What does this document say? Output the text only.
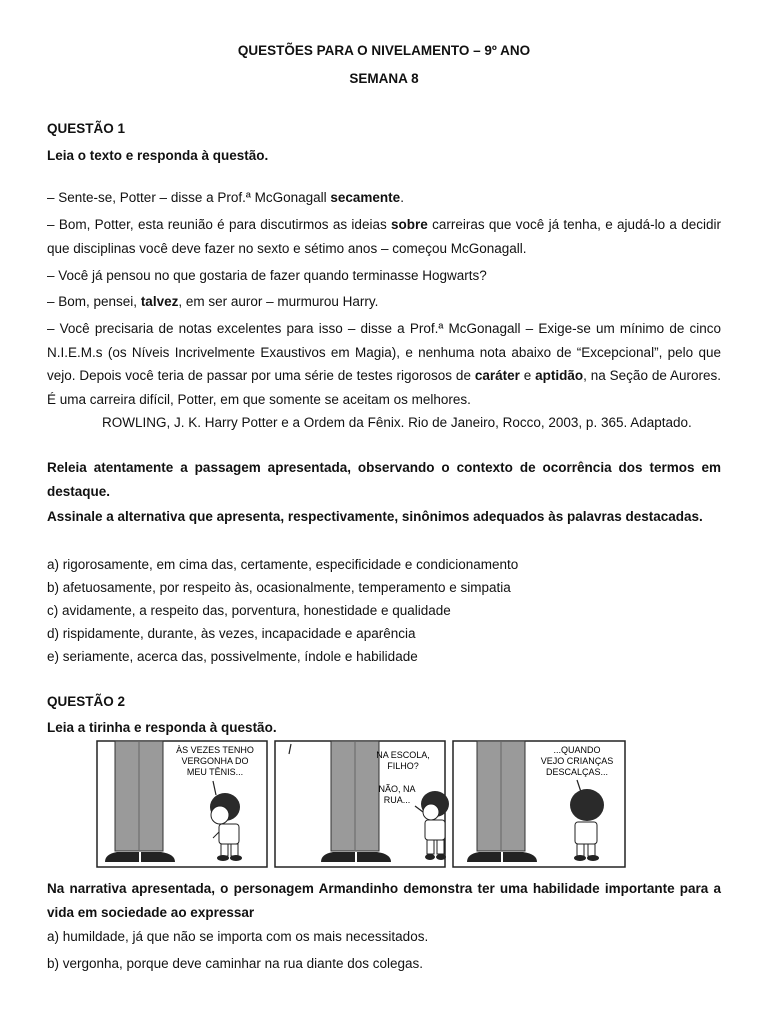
QUESTÕES PARA O NIVELAMENTO – 9º ANO
SEMANA 8
QUESTÃO 1
Leia o texto e responda à questão.
– Sente-se, Potter – disse a Prof.ª McGonagall secamente.
– Bom, Potter, esta reunião é para discutirmos as ideias sobre carreiras que você já tenha, e ajudá-lo a decidir que disciplinas você deve fazer no sexto e sétimo anos – começou McGonagall.
– Você já pensou no que gostaria de fazer quando terminasse Hogwarts?
– Bom, pensei, talvez, em ser auror – murmurou Harry.
– Você precisaria de notas excelentes para isso – disse a Prof.ª McGonagall – Exige-se um mínimo de cinco N.I.E.M.s (os Níveis Incrivelmente Exaustivos em Magia), e nenhuma nota abaixo de “Excepcional”, pelo que vejo. Depois você teria de passar por uma série de testes rigorosos de caráter e aptidão, na Seção de Aurores. É uma carreira difícil, Potter, em que somente se aceitam os melhores.
ROWLING, J. K. Harry Potter e a Ordem da Fênix. Rio de Janeiro, Rocco, 2003, p. 365. Adaptado.
Releia atentamente a passagem apresentada, observando o contexto de ocorrência dos termos em destaque.
Assinale a alternativa que apresenta, respectivamente, sinônimos adequados às palavras destacadas.
a) rigorosamente, em cima das, certamente, especificidade e condicionamento
b) afetuosamente, por respeito às, ocasionalmente, temperamento e simpatia
c) avidamente, a respeito das, porventura, honestidade e qualidade
d) rispidamente, durante, às vezes, incapacidade e aparência
e) seriamente, acerca das, possivelmente, índole e habilidade
QUESTÃO 2
Leia a tirinha e responda à questão.
Na narrativa apresentada, o personagem Armandinho demonstra ter uma habilidade importante para a vida em sociedade ao expressar
a) humildade, já que não se importa com os mais necessitados.
b) vergonha, porque deve caminhar na rua diante dos colegas.
ÀS VEZES TENHO
VERGONHA DO
MEU TÊNIS...
NA ESCOLA,
FILHO?
NÃO, NA
RUA...
...QUANDO
VEJO CRIANÇAS
DESCALÇAS...
